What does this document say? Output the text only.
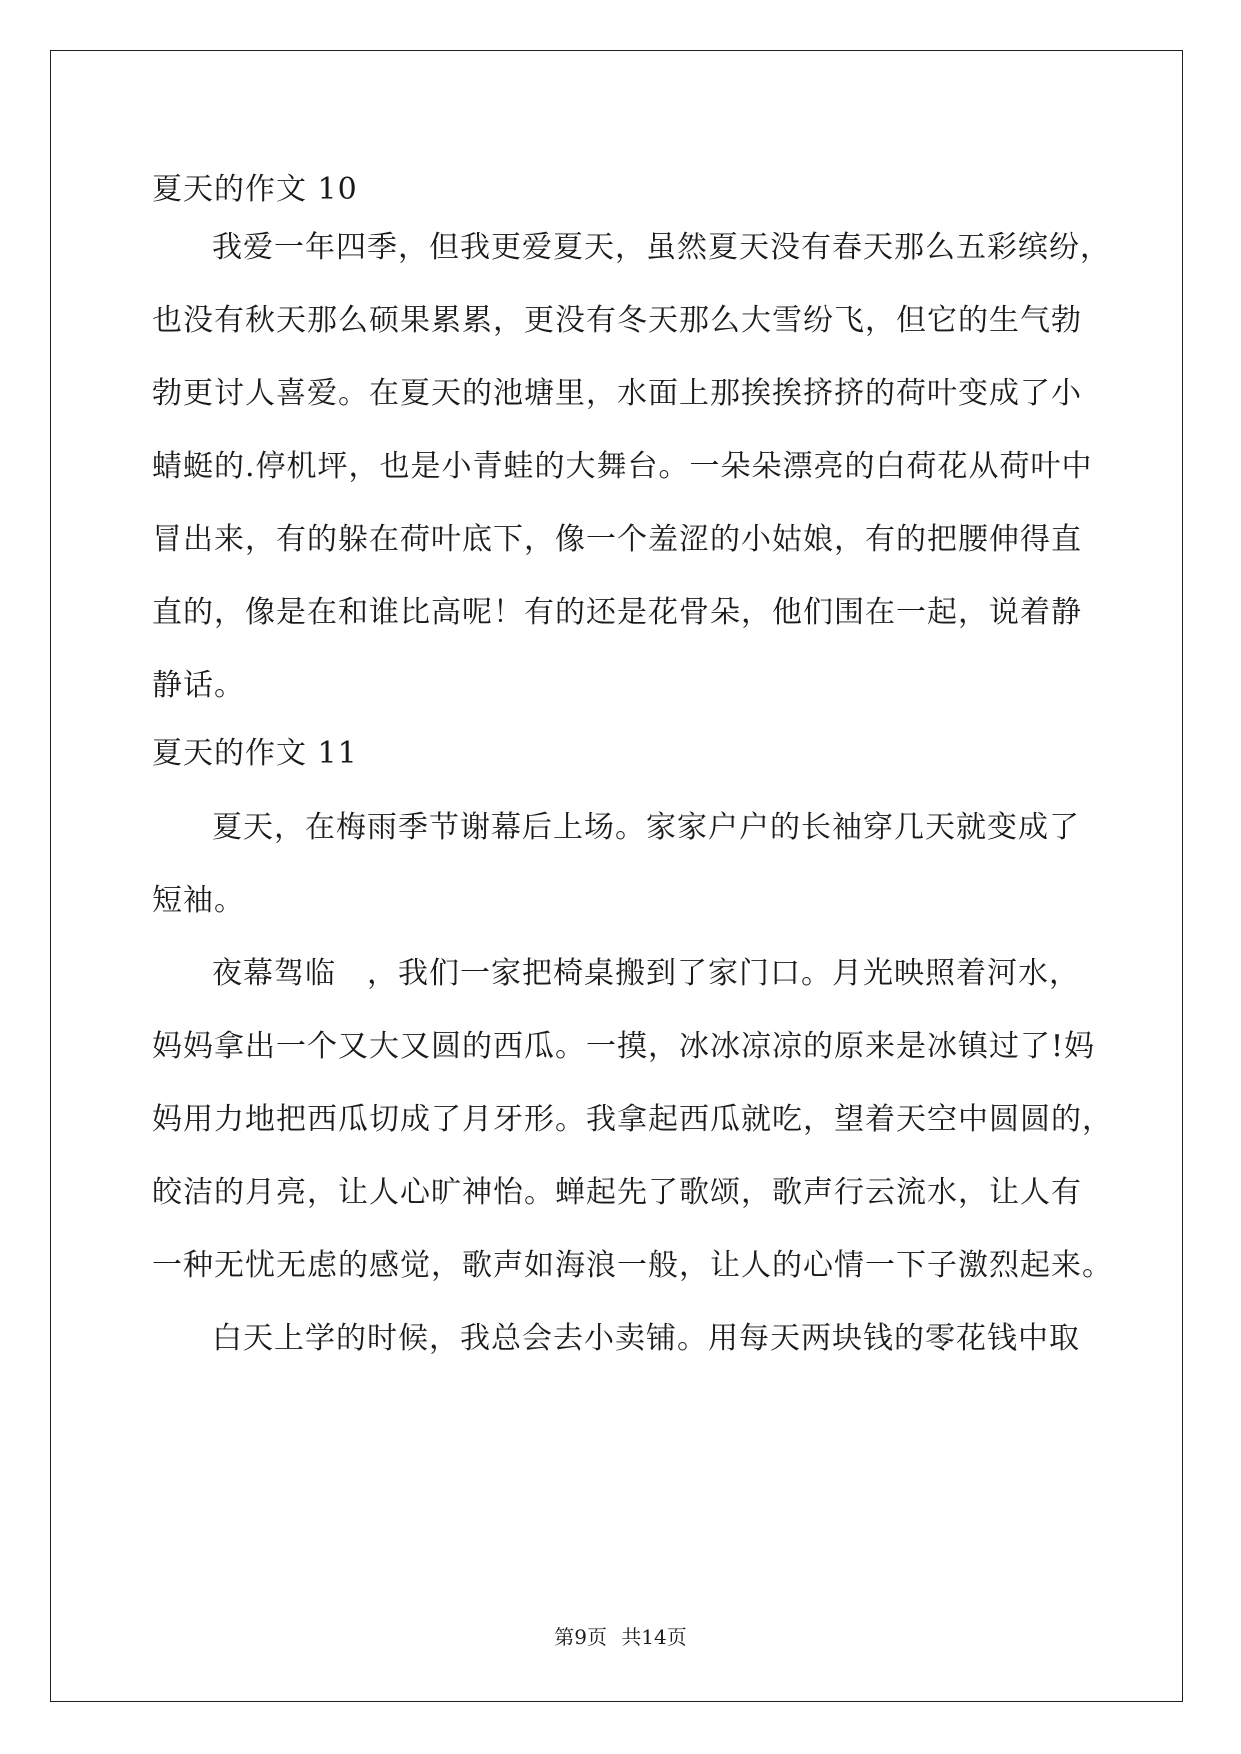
夏天的作文 10
我爱一年四季，但我更爱夏天，虽然夏天没有春天那么五彩缤纷，
也没有秋天那么硕果累累，更没有冬天那么大雪纷飞，但它的生气勃
勃更讨人喜爱。在夏天的池塘里，水面上那挨挨挤挤的荷叶变成了小
蜻蜓的.停机坪，也是小青蛙的大舞台。一朵朵漂亮的白荷花从荷叶中
冒出来，有的躲在荷叶底下，像一个羞涩的小姑娘，有的把腰伸得直
直的，像是在和谁比高呢！有的还是花骨朵，他们围在一起，说着静
静话。
夏天的作文 11
夏天，在梅雨季节谢幕后上场。家家户户的长袖穿几天就变成了
短袖。
夜幕驾临　，我们一家把椅桌搬到了家门口。月光映照着河水，
妈妈拿出一个又大又圆的西瓜。一摸，冰冰凉凉的原来是冰镇过了!妈
妈用力地把西瓜切成了月牙形。我拿起西瓜就吃，望着天空中圆圆的，
皎洁的月亮，让人心旷神怡。蝉起先了歌颂，歌声行云流水，让人有
一种无忧无虑的感觉，歌声如海浪一般，让人的心情一下子激烈起来。
白天上学的时候，我总会去小卖铺。用每天两块钱的零花钱中取
第9页 共14页
